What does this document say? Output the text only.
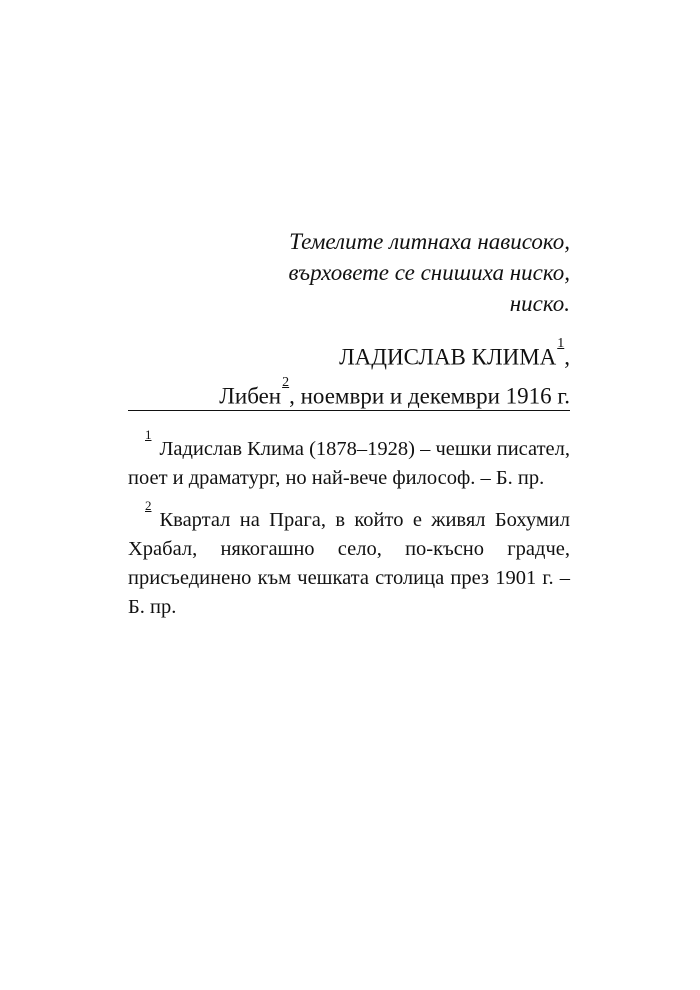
Темелите литнаха нависоко,

върховете се снишиха ниско,

ниско.

ЛАДИСЛАВ КЛИМА$^1$,

Либен$^2$, ноември и декември 1916 г.

$^1$Ладислав Клима (1878–1928) – чешки писател, поет и драматург, но най-вече философ. – Б. пр.

$^2$Квартал на Прага, в който е живял Бохумил Храбал, някогашно село, по-късно градче, присъединено към чешката столица през 1901 г. – Б. пр.
